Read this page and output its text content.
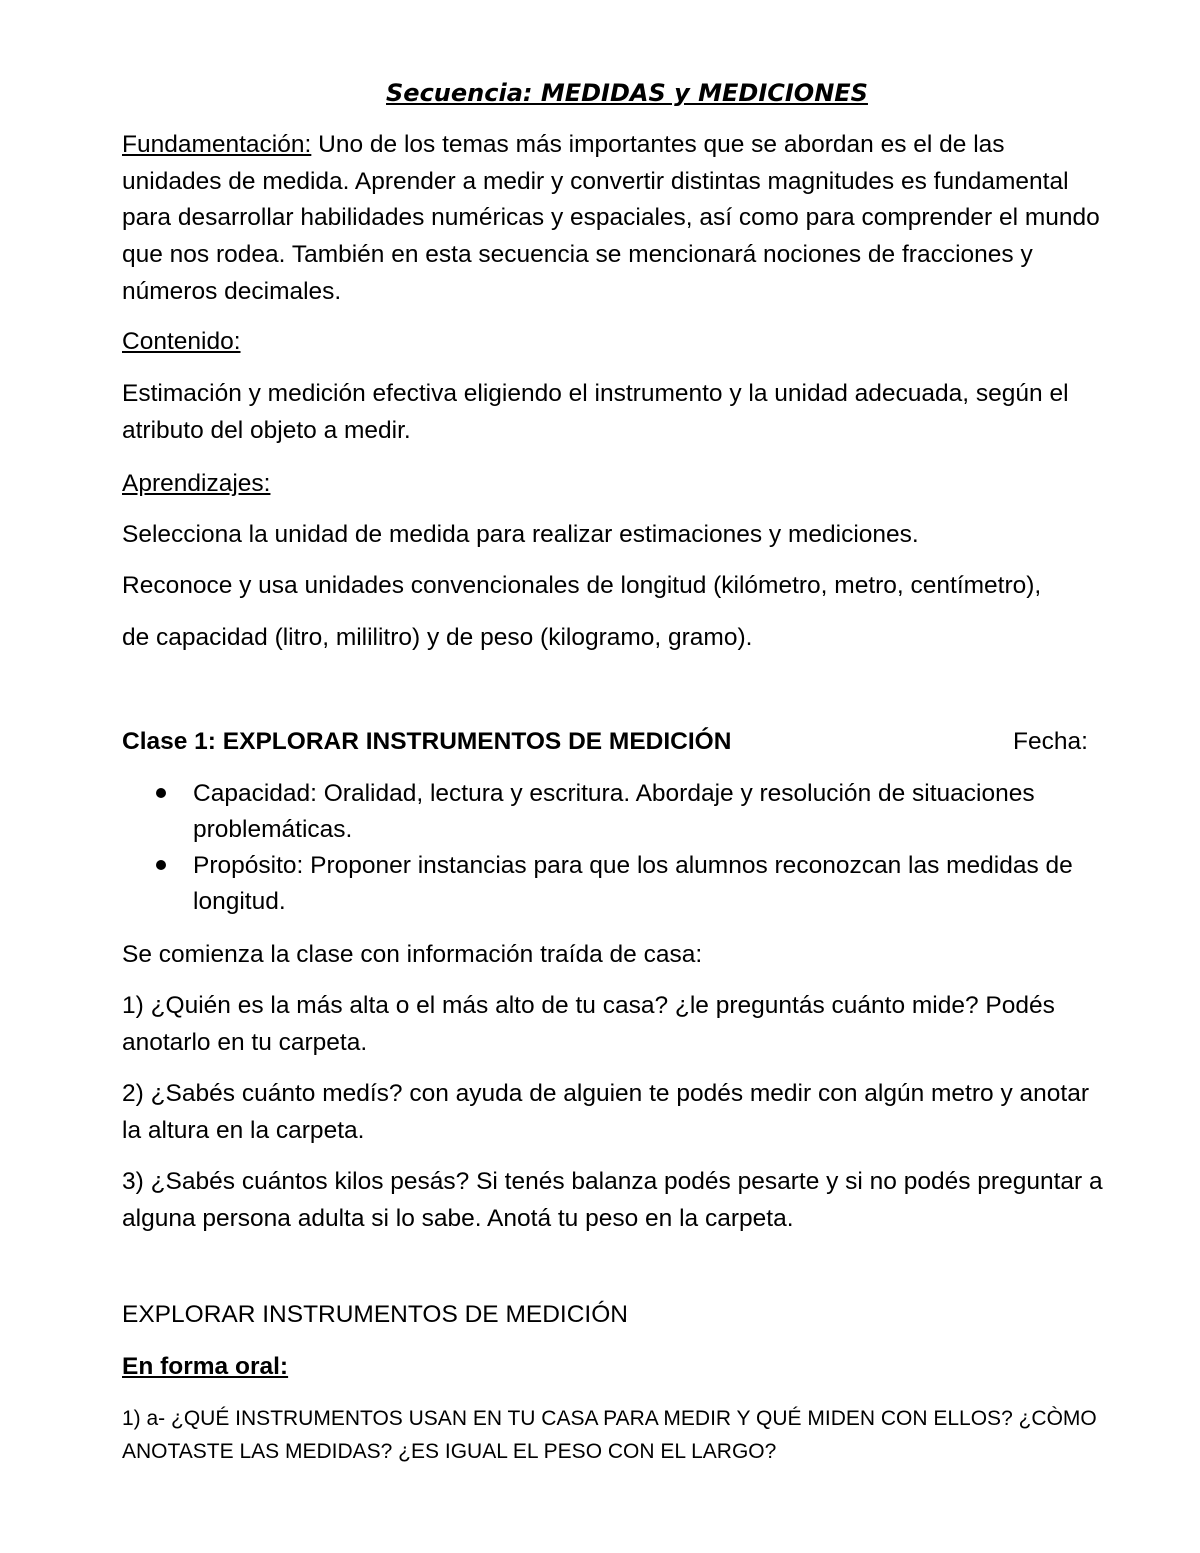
Secuencia: MEDIDAS y MEDICIONES
Fundamentación: Uno de los temas más importantes que se abordan es el de las
unidades de medida. Aprender a medir y convertir distintas magnitudes es fundamental
para desarrollar habilidades numéricas y espaciales, así como para comprender el mundo
que nos rodea. También en esta secuencia se mencionará nociones de fracciones y
números decimales.
Contenido:
Estimación y medición efectiva eligiendo el instrumento y la unidad adecuada, según el
atributo del objeto a medir.
Aprendizajes:
Selecciona la unidad de medida para realizar estimaciones y mediciones.
Reconoce y usa unidades convencionales de longitud (kilómetro, metro, centímetro),
de capacidad (litro, mililitro) y de peso (kilogramo, gramo).
Clase 1: EXPLORAR INSTRUMENTOS DE MEDICIÓN	Fecha:
Capacidad: Oralidad, lectura y escritura. Abordaje y resolución de situaciones
problemáticas.
Propósito: Proponer instancias para que los alumnos reconozcan las medidas de
longitud.
Se comienza la clase con información traída de casa:
1) ¿Quién es la más alta o el más alto de tu casa? ¿le preguntás cuánto mide? Podés
anotarlo en tu carpeta.
2) ¿Sabés cuánto medís? con ayuda de alguien te podés medir con algún metro y anotar
la altura en la carpeta.
3) ¿Sabés cuántos kilos pesás? Si tenés balanza podés pesarte y si no podés preguntar a
alguna persona adulta si lo sabe. Anotá tu peso en la carpeta.
EXPLORAR INSTRUMENTOS DE MEDICIÓN
En forma oral:
1) a- ¿QUÉ INSTRUMENTOS USAN EN TU CASA PARA MEDIR Y QUÉ MIDEN CON ELLOS? ¿CÒMO
ANOTASTE LAS MEDIDAS? ¿ES IGUAL EL PESO CON EL LARGO?
